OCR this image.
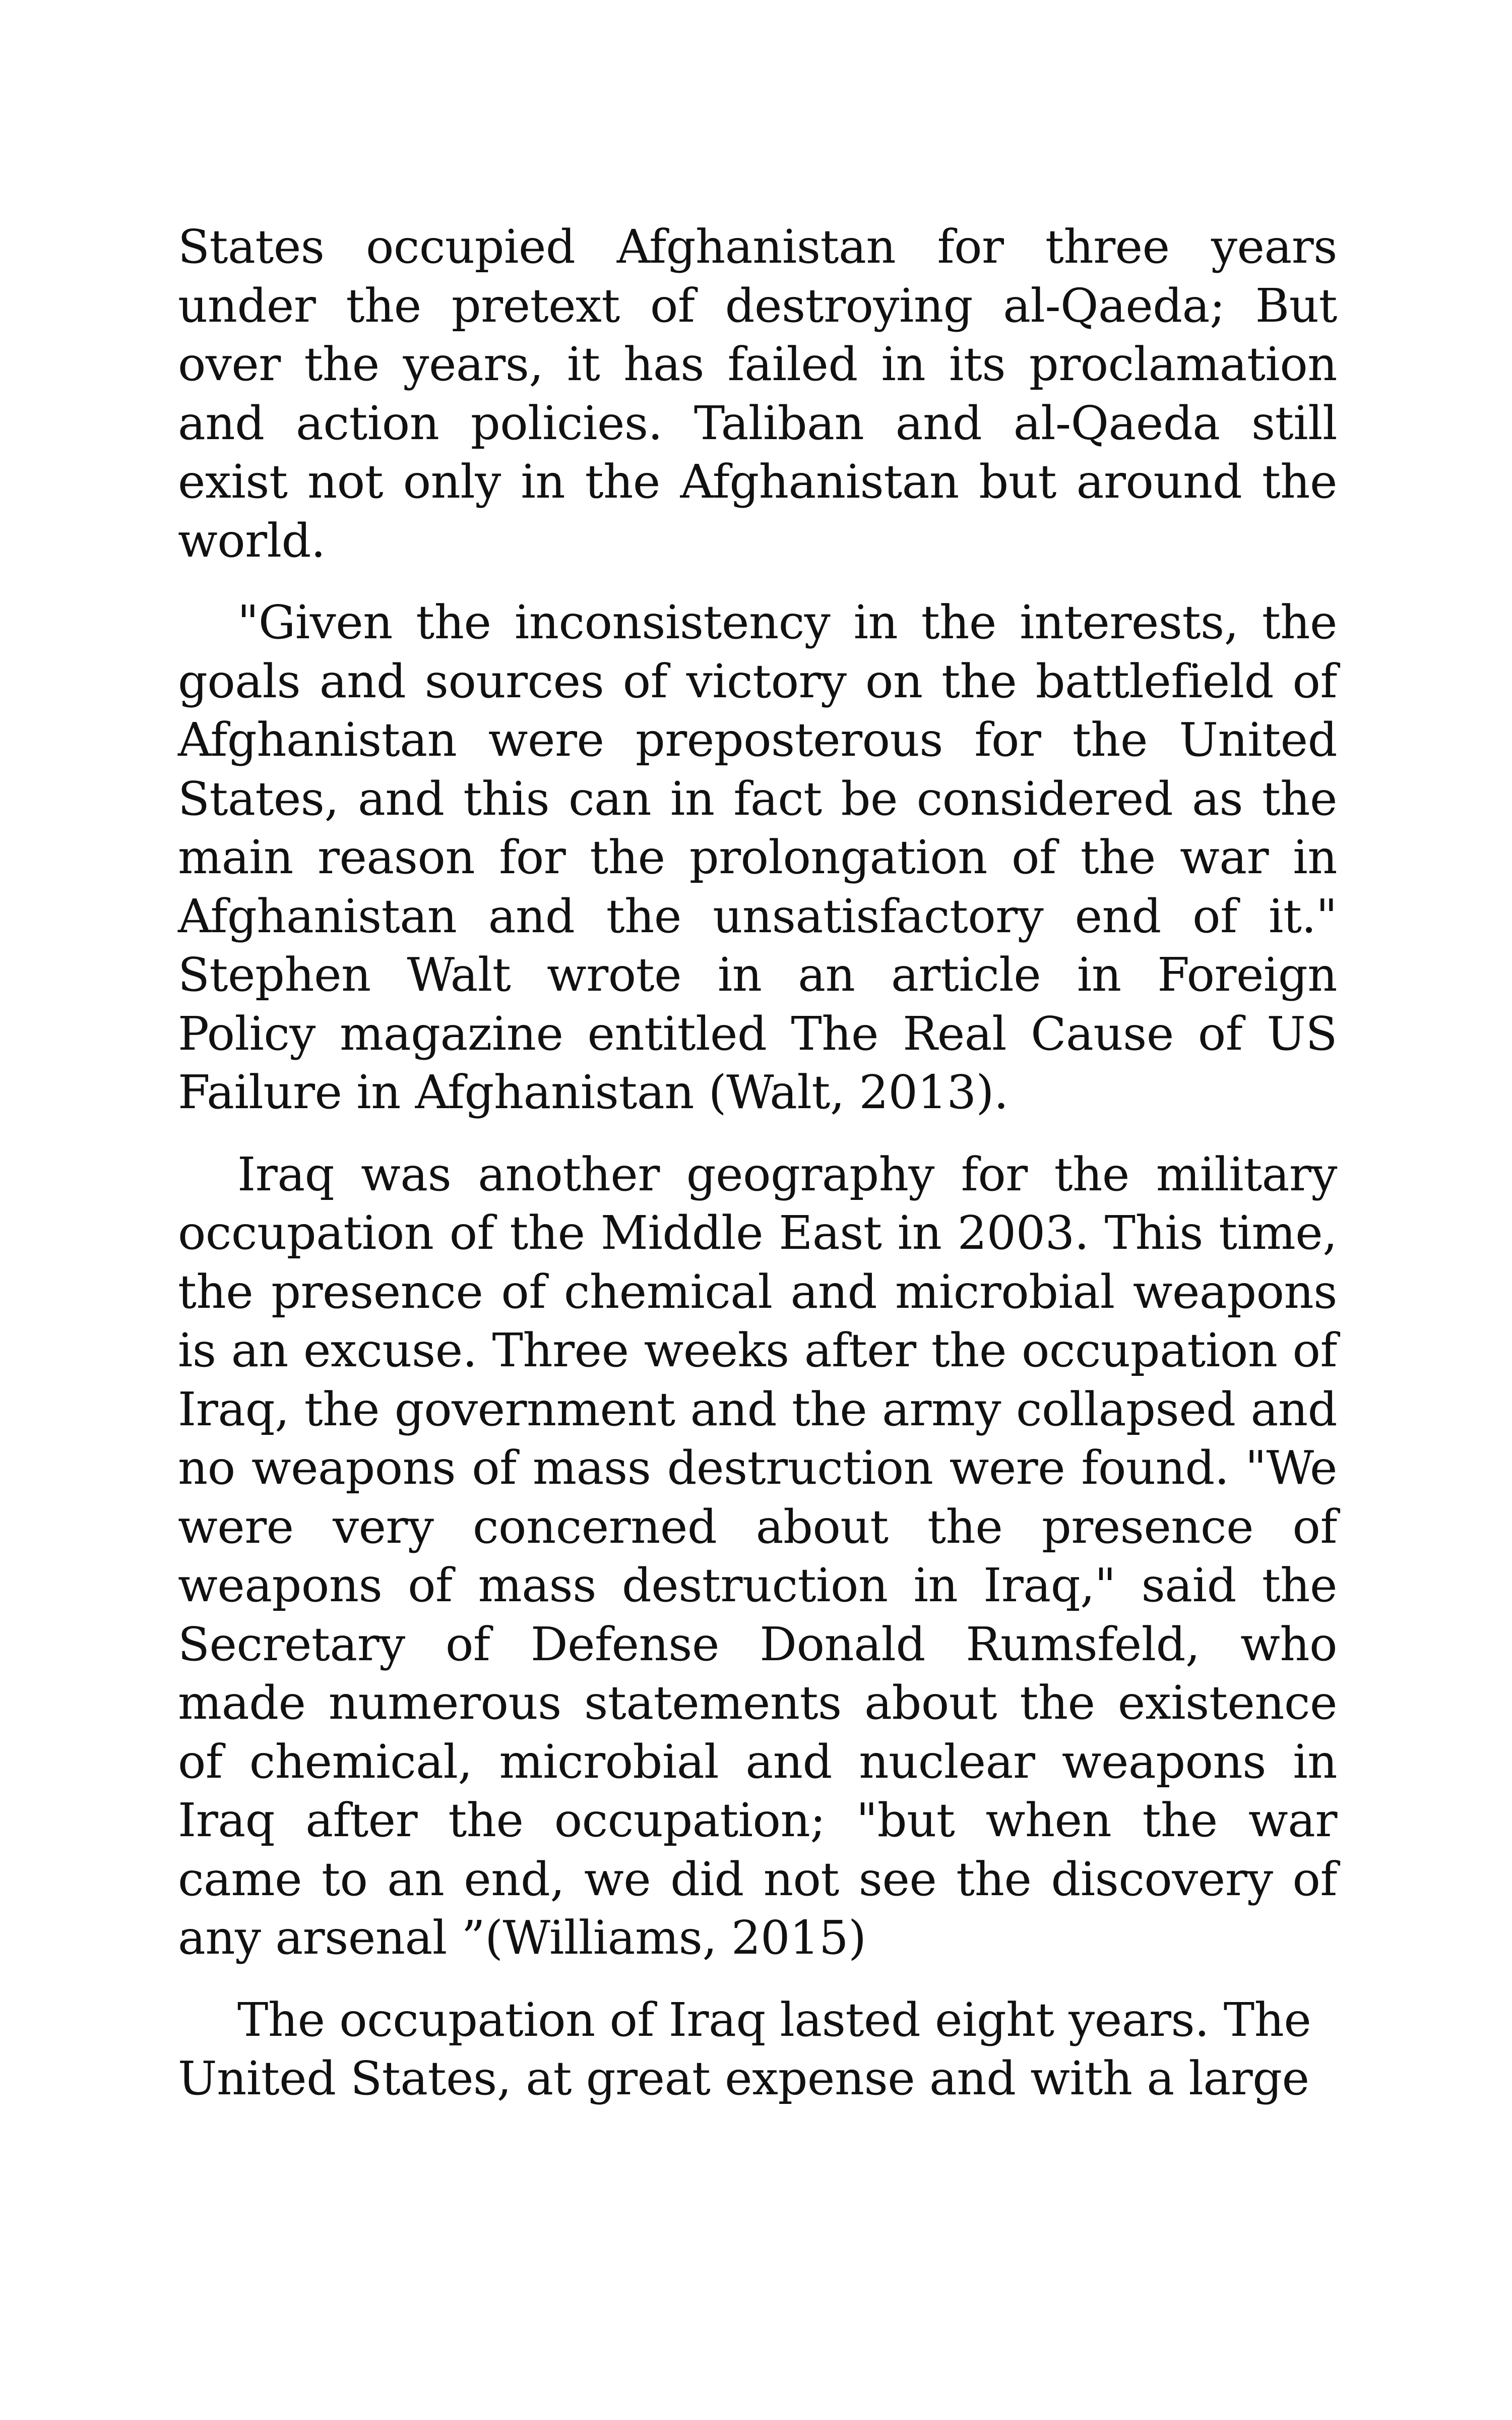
States occupied Afghanistan for three years under the pretext of destroying al-Qaeda; But over the years, it has failed in its proclamation and action policies. Taliban and al-Qaeda still exist not only in the Afghanistan but around the world.

"Given the inconsistency in the interests, the goals and sources of victory on the battlefield of Afghanistan were preposterous for the United States, and this can in fact be considered as the main reason for the prolongation of the war in Afghanistan and the unsatisfactory end of it." Stephen Walt wrote in an article in Foreign Policy magazine entitled The Real Cause of US Failure in Afghanistan (Walt, 2013).

Iraq was another geography for the military occupation of the Middle East in 2003. This time, the presence of chemical and microbial weapons is an excuse. Three weeks after the occupation of Iraq, the government and the army collapsed and no weapons of mass destruction were found. "We were very concerned about the presence of weapons of mass destruction in Iraq," said the Secretary of Defense Donald Rumsfeld, who made numerous statements about the existence of chemical, microbial and nuclear weapons in Iraq after the occupation; "but when the war came to an end, we did not see the discovery of any arsenal ”(Williams, 2015)

The occupation of Iraq lasted eight years. The United States, at great expense and with a large
